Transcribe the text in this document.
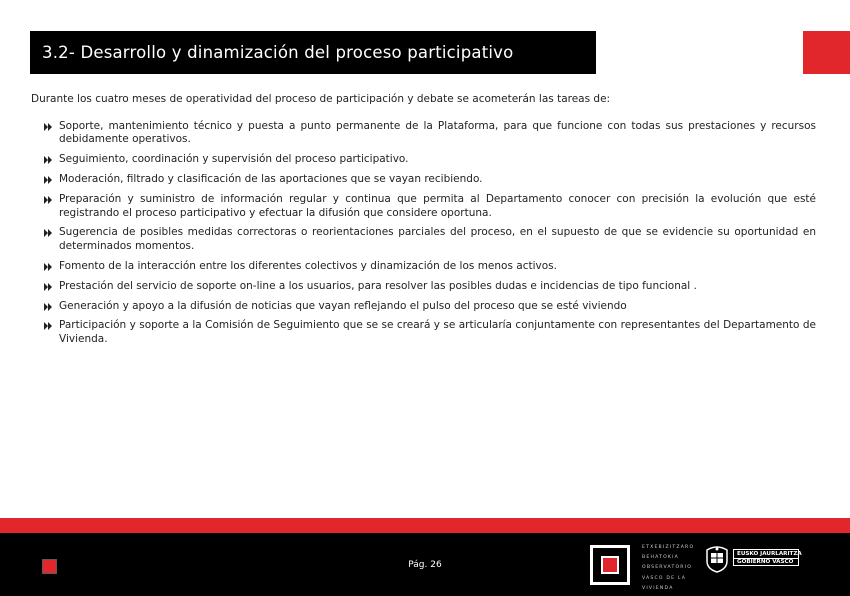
3.2- Desarrollo y dinamización del proceso participativo
Durante los cuatro meses de operatividad del proceso de participación y debate se acometerán las tareas de:
Soporte, mantenimiento técnico y puesta a punto permanente de la Plataforma, para que funcione con todas sus prestaciones y recursos debidamente operativos.
Seguimiento, coordinación y supervisión del proceso participativo.
Moderación, filtrado y clasificación de las aportaciones que se vayan recibiendo.
Preparación y suministro de información regular y continua que permita al Departamento conocer con precisión la evolución que esté registrando el proceso participativo y efectuar la difusión que considere oportuna.
Sugerencia de posibles medidas correctoras o reorientaciones parciales del proceso, en el supuesto de que se evidencie su oportunidad en determinados momentos.
Fomento de la interacción entre los diferentes colectivos y dinamización de los menos activos.
Prestación del servicio de soporte on-line a los usuarios, para resolver las posibles dudas e incidencias de tipo funcional .
Generación y apoyo a la difusión de noticias que vayan reflejando el pulso del proceso que se esté viviendo
Participación y soporte a la Comisión de Seguimiento que se se creará y se articularía conjuntamente con representantes del Departamento de Vivienda.
Pág. 26
ETXEBIZITZARO
BEHATOKIA
OBSERVATORIO
VASCO DE LA
VIVIENDA
EUSKO JAURLARITZA
GOBIERNO VASCO
